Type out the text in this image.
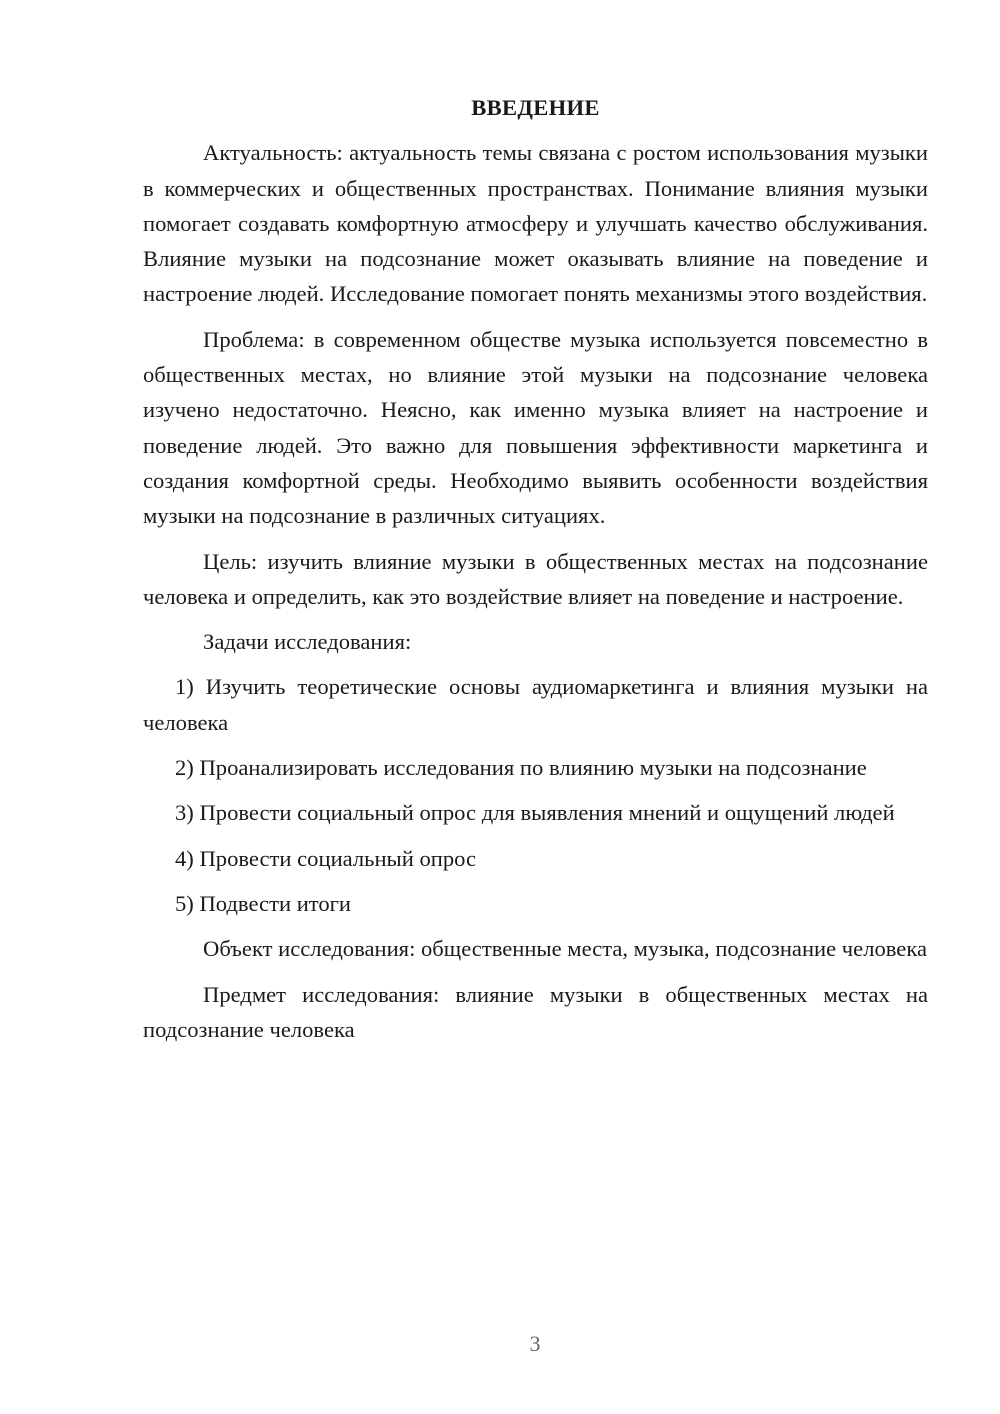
ВВЕДЕНИЕ

Актуальность: актуальность темы связана с ростом использования музыки в коммерческих и общественных пространствах. Понимание влияния музыки помогает создавать комфортную атмосферу и улучшать качество обслуживания. Влияние музыки на подсознание может оказывать влияние на поведение и настроение людей. Исследование помогает понять механизмы этого воздействия.

Проблема: в современном обществе музыка используется повсеместно в общественных местах, но влияние этой музыки на подсознание человека изучено недостаточно. Неясно, как именно музыка влияет на настроение и поведение людей. Это важно для повышения эффективности маркетинга и создания комфортной среды. Необходимо выявить особенности воздействия музыки на подсознание в различных ситуациях.

Цель: изучить влияние музыки в общественных местах на подсознание человека и определить, как это воздействие влияет на поведение и настроение.

Задачи исследования:

1) Изучить теоретические основы аудиомаркетинга и влияния музыки на человека

2) Проанализировать исследования по влиянию музыки на подсознание

3) Провести социальный опрос для выявления мнений и ощущений людей

4) Провести социальный опрос

5) Подвести итоги

Объект исследования: общественные места, музыка, подсознание человека

Предмет исследования: влияние музыки в общественных местах на подсознание человека

3
